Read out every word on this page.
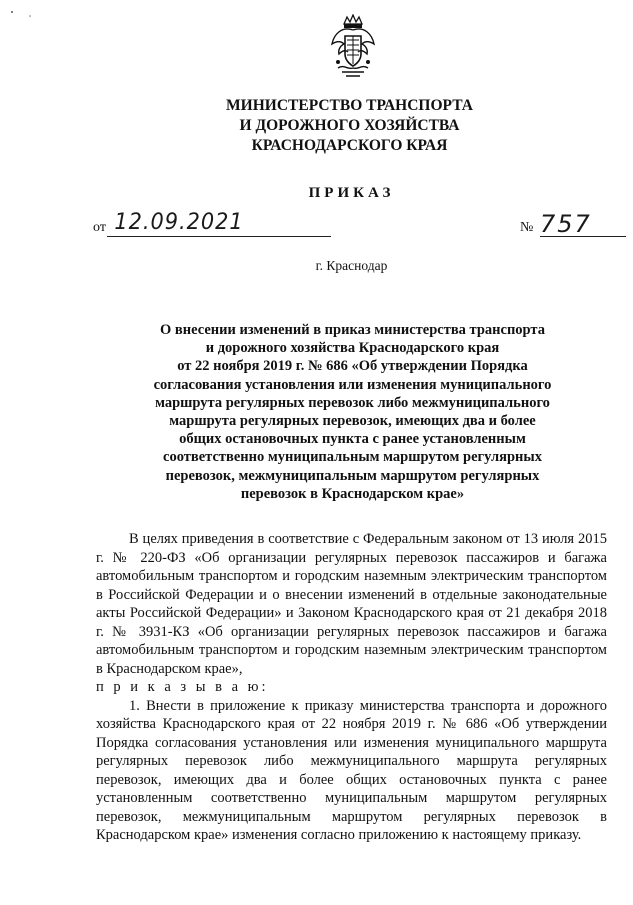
МИНИСТЕРСТВО ТРАНСПОРТА
И ДОРОЖНОГО ХОЗЯЙСТВА
КРАСНОДАРСКОГО КРАЯ
ПРИКАЗ
от 12.09.2021	№ 757
г. Краснодар
О внесении изменений в приказ министерства транспорта
и дорожного хозяйства Краснодарского края
от 22 ноября 2019 г. № 686 «Об утверждении Порядка
согласования установления или изменения муниципального
маршрута регулярных перевозок либо межмуниципального
маршрута регулярных перевозок, имеющих два и более
общих остановочных пункта с ранее установленным
соответственно муниципальным маршрутом регулярных
перевозок, межмуниципальным маршрутом регулярных
перевозок в Краснодарском крае»

В целях приведения в соответствие с Федеральным законом от 13 июля 2015 г. № 220-ФЗ «Об организации регулярных перевозок пассажиров и багажа автомобильным транспортом и городским наземным электрическим транспортом в Российской Федерации и о внесении изменений в отдельные законодательные акты Российской Федерации» и Законом Краснодарского края от 21 декабря 2018 г. № 3931-КЗ «Об организации регулярных перевозок пассажиров и багажа автомобильным транспортом и городским наземным электрическим транспортом в Краснодарском крае»,

п р и к а з ы в а ю:

1. Внести в приложение к приказу министерства транспорта и дорожного хозяйства Краснодарского края от 22 ноября 2019 г. № 686 «Об утверждении Порядка согласования установления или изменения муниципального маршрута регулярных перевозок либо межмуниципального маршрута регулярных перевозок, имеющих два и более общих остановочных пункта с ранее установленным соответственно муниципальным маршрутом регулярных перевозок, межмуниципальным маршрутом регулярных перевозок в Краснодарском крае» изменения согласно приложению к настоящему приказу.
